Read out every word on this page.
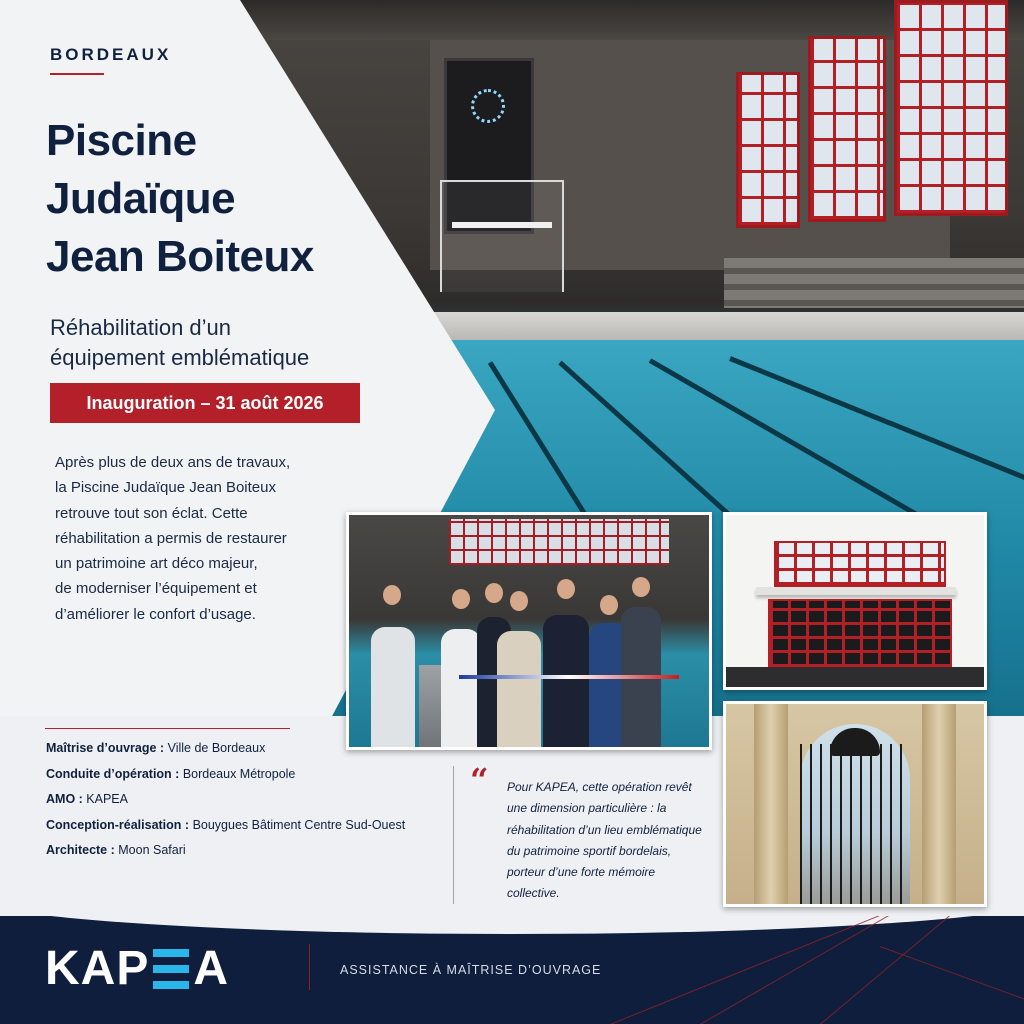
BORDEAUX
Piscine
Judaïque
Jean Boiteux
Réhabilitation d’un
équipement emblématique
Inauguration – 31 août 2026
Après plus de deux ans de travaux,
la Piscine Judaïque Jean Boiteux
retrouve tout son éclat. Cette
réhabilitation a permis de restaurer
un patrimoine art déco majeur,
de moderniser l’équipement et
d’améliorer le confort d’usage.
Maîtrise d’ouvrage : Ville de Bordeaux
Conduite d’opération : Bordeaux Métropole
AMO : KAPEA
Conception-réalisation : Bouygues Bâtiment Centre Sud-Ouest
Architecte : Moon Safari
“ Pour KAPEA, cette opération revêt
une dimension particulière : la
réhabilitation d’un lieu emblématique
du patrimoine sportif bordelais,
porteur d’une forte mémoire
collective.
KAP A	ASSISTANCE À MAÎTRISE D’OUVRAGE
